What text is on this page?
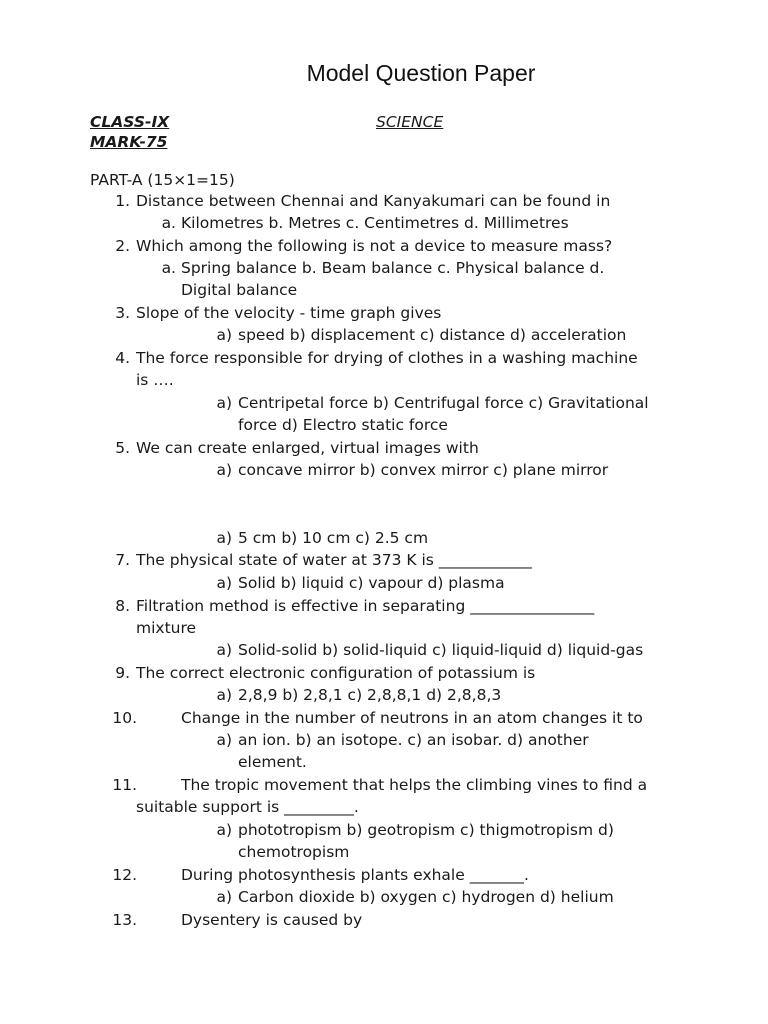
Model Question Paper
CLASS-IX
MARK-75
SCIENCE
PART-A (15×1=15)
1. Distance between Chennai and Kanyakumari can be found in
a. Kilometres b. Metres c. Centimetres d. Millimetres
2. Which among the following is not a device to measure mass?
a. Spring balance b. Beam balance c. Physical balance d.
Digital balance
3. Slope of the velocity - time graph gives
a) speed b) displacement c) distance d) acceleration
4. The force responsible for drying of clothes in a washing machine
is ….
a) Centripetal force b) Centrifugal force c) Gravitational
force d) Electro static force
5. We can create enlarged, virtual images with
a) concave mirror b) convex mirror c) plane mirror
a) 5 cm b) 10 cm c) 2.5 cm
7. The physical state of water at 373 K is ____________
a) Solid b) liquid c) vapour d) plasma
8. Filtration method is effective in separating ________________
mixture
a) Solid-solid b) solid-liquid c) liquid-liquid d) liquid-gas
9. The correct electronic configuration of potassium is
a) 2,8,9 b) 2,8,1 c) 2,8,8,1 d) 2,8,8,3
10.	Change in the number of neutrons in an atom changes it to
a) an ion. b) an isotope. c) an isobar. d) another
element.
11.	The tropic movement that helps the climbing vines to find a
suitable support is _________.
a) phototropism b) geotropism c) thigmotropism d)
chemotropism
12.	During photosynthesis plants exhale _______.
a) Carbon dioxide b) oxygen c) hydrogen d) helium
13.	Dysentery is caused by
